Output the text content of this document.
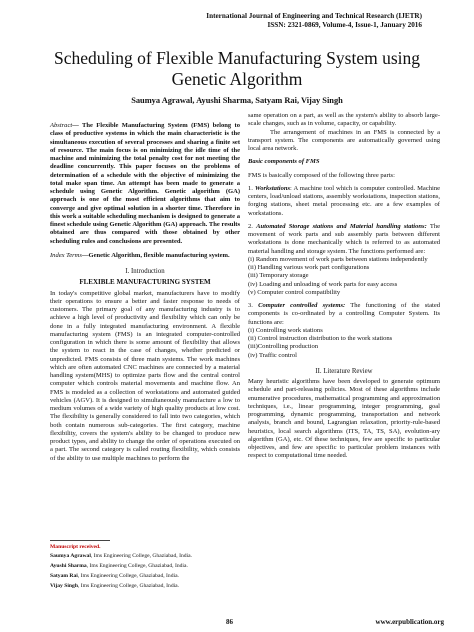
International Journal of Engineering and Technical Research (IJETR)
ISSN: 2321-0869, Volume-4, Issue-1, January 2016
Scheduling of Flexible Manufacturing System using Genetic Algorithm
Saumya Agrawal, Ayushi Sharma, Satyam Rai, Vijay Singh

Abstract— The Flexible Manufacturing System (FMS) belong to class of productive systems in which the main characteristic is the simultaneous execution of several processes and sharing a finite set of resource. The main focus is on minimizing the idle time of the machine and minimizing the total penalty cost for not meeting the deadline concurrently. This paper focuses on the problems of determination of a schedule with the objective of minimizing the total make span time. An attempt has been made to generate a schedule using Genetic Algorithm. Genetic algorithm (GA) approach is one of the most efficient algorithms that aim to converge and give optimal solution in a shorter time. Therefore in this work a suitable scheduling mechanism is designed to generate a finest schedule using Genetic Algorithm (GA) approach. The results obtained are thus compared with those obtained by other scheduling rules and conclusions are presented.

Index Terms—Genetic Algorithm, flexible manufacturing system.

I. Introduction
FLEXIBLE MANUFACTURING SYSTEM

In today's competitive global market, manufacturers have to modify their operations to ensure a better and faster response to needs of customers. The primary goal of any manufacturing industry is to achieve a high level of productivity and flexibility which can only be done in a fully integrated manufacturing environment. A flexible manufacturing system (FMS) is an integrated computer-controlled configuration in which there is some amount of flexibility that allows the system to react in the case of changes, whether predicted or unpredicted. FMS consists of three main systems. The work machines which are often automated CNC machines are connected by a material handling system(MHS) to optimize parts flow and the central control computer which controls material movements and machine flow. An FMS is modeled as a collection of workstations and automated guided vehicles (AGV). It is designed to simultaneously manufacture a low to medium volumes of a wide variety of high quality products at low cost. The flexibility is generally considered to fall into two categories, which both contain numerous sub-categories. The first category, machine flexibility, covers the system's ability to be changed to produce new product types, and ability to change the order of operations executed on a part. The second category is called routing flexibility, which consists of the ability to use multiple machines to perform the

same operation on a part, as well as the system's ability to absorb large-scale changes, such as in volume, capacity, or capability.

The arrangement of machines in an FMS is connected by a transport system. The components are automatically governed using local area network.

Basic components of FMS

FMS is basically composed of the following three parts:

1. Workstations: A machine tool which is computer controlled. Machine centers, load/unload stations, assembly workstations, inspection stations, forging stations, sheet metal processing etc. are a few examples of workstations.

2. Automated Storage stations and Material handling stations: The movement of work parts and sub assembly parts between different workstations is done mechanically which is referred to as automated material handling and storage system. The functions performed are:

(i) Random movement of work parts between stations independently
(ii) Handling various work part configurations
(iii) Temporary storage
(iv) Loading and unloading of work parts for easy access
(v) Computer control compatibility

3. Computer controlled systems: The functioning of the stated components is co-ordinated by a controlling Computer System. Its functions are:

(i) Controlling work stations
(ii) Control instruction distribution to the work stations
(iii)Controlling production
(iv) Traffic control
II. Literature Review

Many heuristic algorithms have been developed to generate optimum schedule and part-releasing policies. Most of these algorithms include enumerative procedures, mathematical programming and approximation techniques, i.e., linear programming, integer programming, goal programming, dynamic programming, transportation and network analysis, branch and bound, Lagrangian relaxation, priority-rule-based heuristics, local search algorithms (ITS, TA, TS, SA), evolution-ary algorithm (GA), etc. Of these techniques, few are specific to particular objectives, and few are specific to particular problem instances with respect to computational time needed.

Manuscript received.
Saumya Agrawal, Ims Engineering College, Ghaziabad, India.
Ayushi Sharma, Ims Engineering College, Ghaziabad, India.
Satyam Rai, Ims Engineering College, Ghaziabad, India.
Vijay Singh, Ims Engineering College, Ghaziabad, India.
86	www.erpublication.org
